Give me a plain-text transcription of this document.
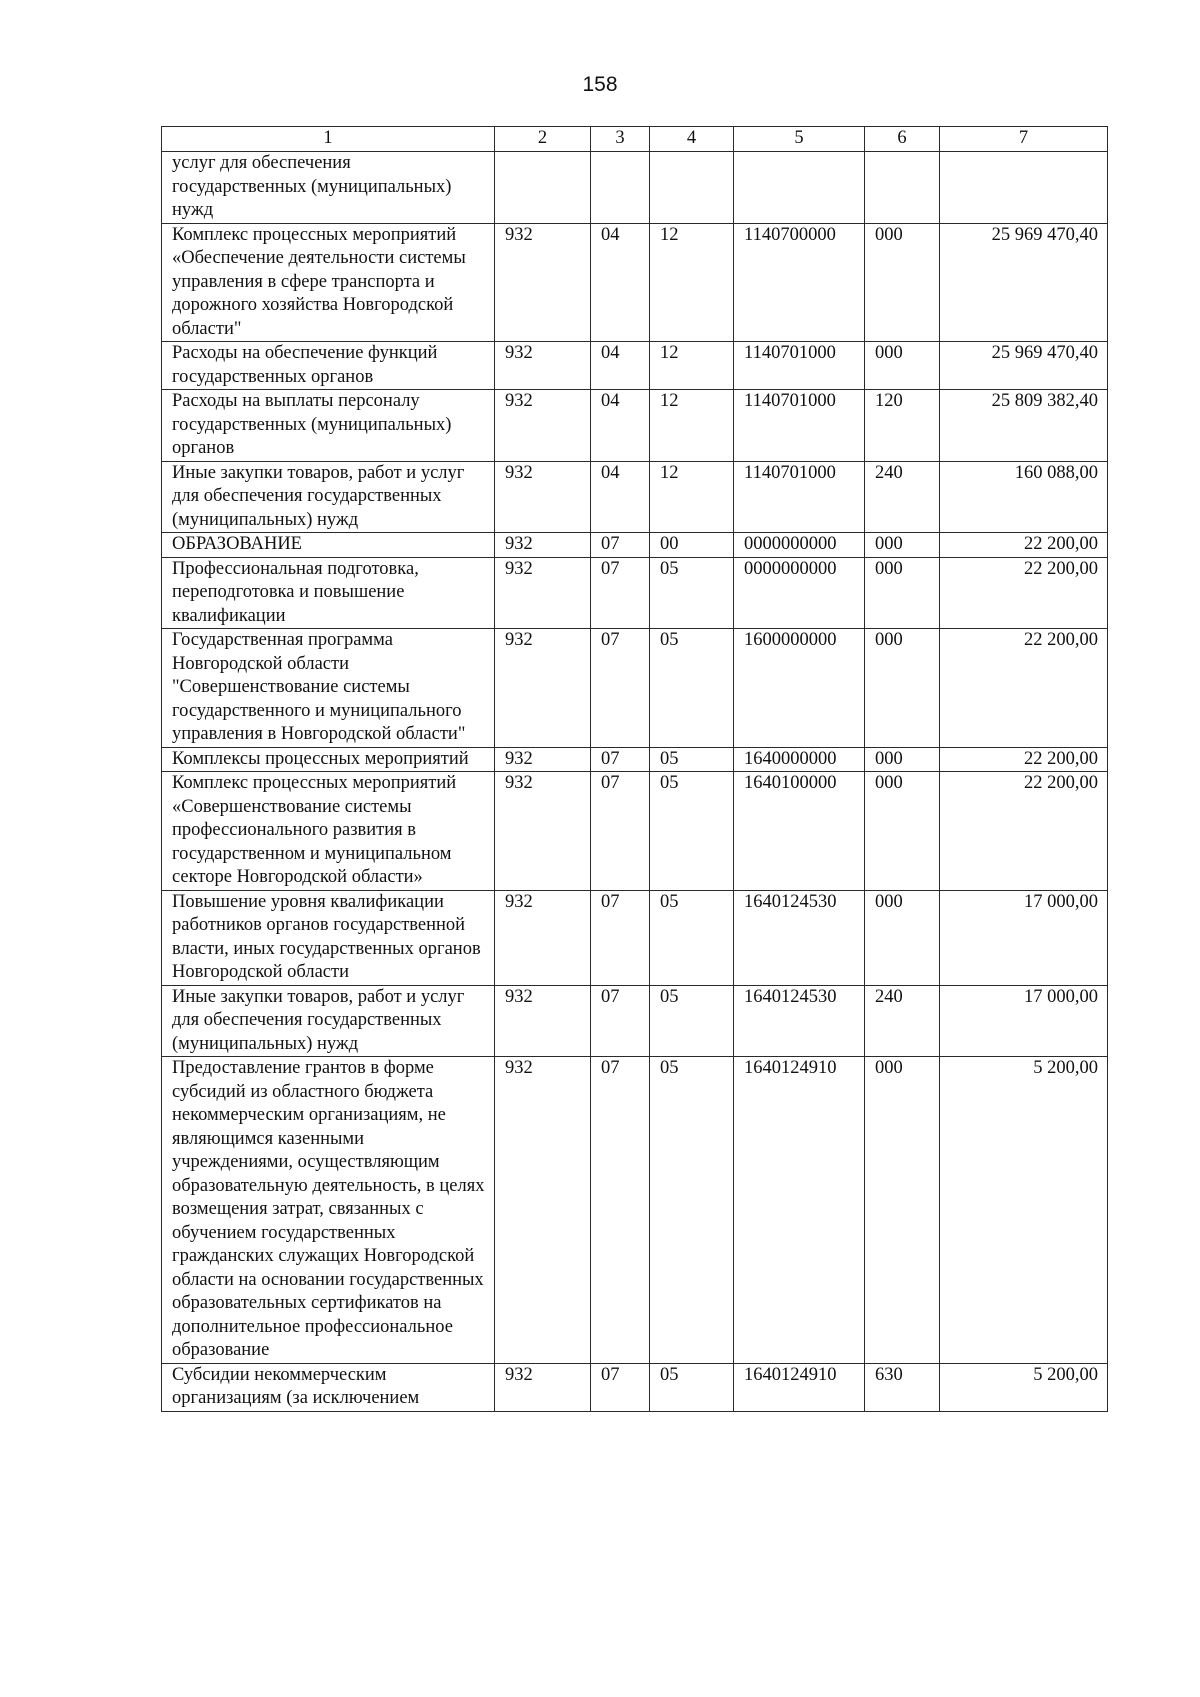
158
1	2	3	4	5	6	7
услуг для обеспечения государственных (муниципальных) нужд						
Комплекс процессных мероприятий «Обеспечение деятельности системы управления в сфере транспорта и дорожного хозяйства Новгородской области"	932	04	12	1140700000	000	25 969 470,40
Расходы на обеспечение функций государственных органов	932	04	12	1140701000	000	25 969 470,40
Расходы на выплаты персоналу государственных (муниципальных) органов	932	04	12	1140701000	120	25 809 382,40
Иные закупки товаров, работ и услуг для обеспечения государственных (муниципальных) нужд	932	04	12	1140701000	240	160 088,00
ОБРАЗОВАНИЕ	932	07	00	0000000000	000	22 200,00
Профессиональная подготовка, переподготовка и повышение квалификации	932	07	05	0000000000	000	22 200,00
Государственная программа Новгородской области "Совершенствование системы государственного и муниципального управления в Новгородской области"	932	07	05	1600000000	000	22 200,00
Комплексы процессных мероприятий	932	07	05	1640000000	000	22 200,00
Комплекс процессных мероприятий «Совершенствование системы профессионального развития в государственном и муниципальном секторе Новгородской области»	932	07	05	1640100000	000	22 200,00
Повышение уровня квалификации работников органов государственной власти, иных государственных органов Новгородской области	932	07	05	1640124530	000	17 000,00
Иные закупки товаров, работ и услуг для обеспечения государственных (муниципальных) нужд	932	07	05	1640124530	240	17 000,00
Предоставление грантов в форме субсидий из областного бюджета некоммерческим организациям, не являющимся казенными учреждениями, осуществляющим образовательную деятельность, в целях возмещения затрат, связанных с обучением государственных гражданских служащих Новгородской области на основании государственных образовательных сертификатов на дополнительное профессиональное образование	932	07	05	1640124910	000	5 200,00
Субсидии некоммерческим организациям (за исключением	932	07	05	1640124910	630	5 200,00
